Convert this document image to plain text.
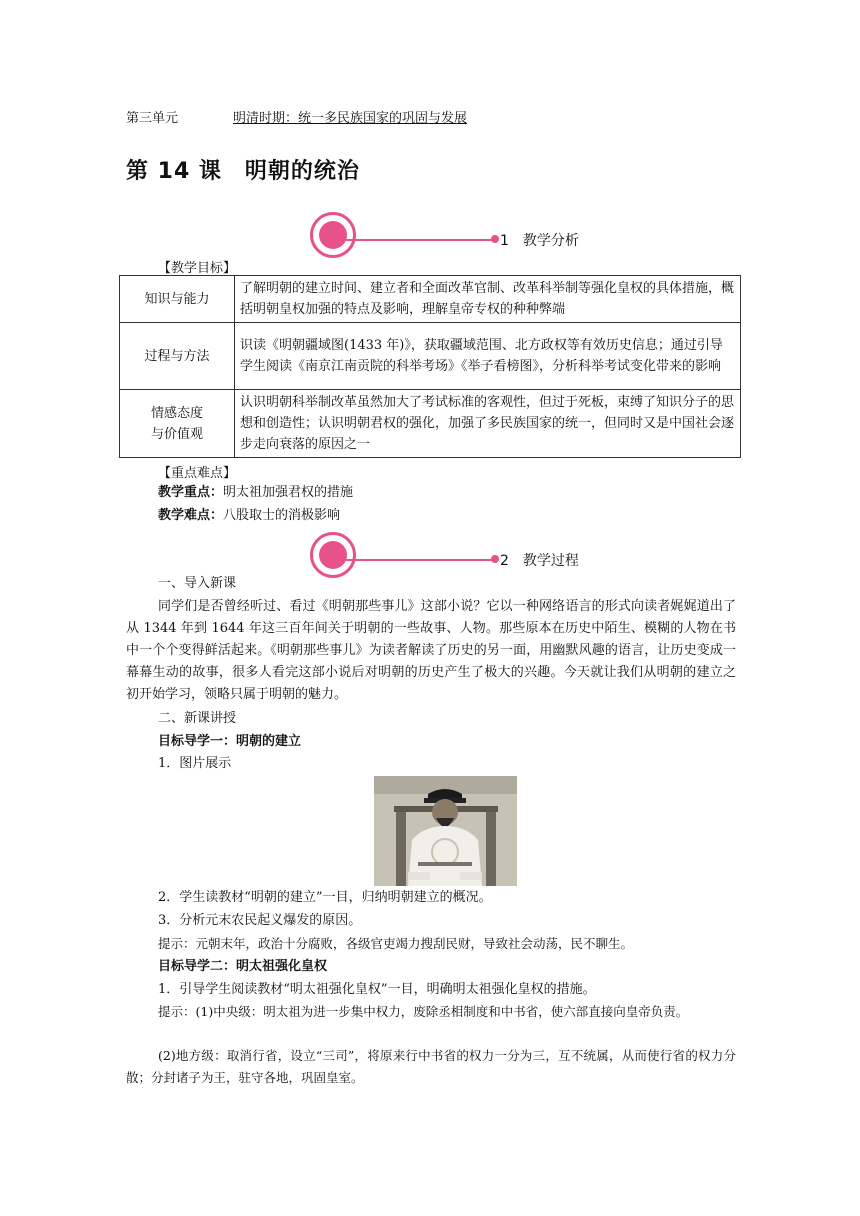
第三单元	明清时期：统一多民族国家的巩固与发展
第 14 课　明朝的统治
1　 教学分析
【教学目标】
知识与能力	了解明朝的建立时间、建立者和全面改革官制、改革科举制等强化皇权的具体措施，概括明朝皇权加强的特点及影响，理解皇帝专权的种种弊端
过程与方法	识读《明朝疆域图(1433 年)》，获取疆域范围、北方政权等有效历史信息；通过引导学生阅读《南京江南贡院的科举考场》《举子看榜图》，分析科举考试变化带来的影响

情感态度
与价值观	认识明朝科举制改革虽然加大了考试标准的客观性，但过于死板，束缚了知识分子的思想和创造性；认识明朝君权的强化，加强了多民族国家的统一，但同时又是中国社会逐步走向衰落的原因之一
【重点难点】
教学重点：明太祖加强君权的措施
教学难点：八股取士的消极影响
2　 教学过程
一、导入新课
同学们是否曾经听过、看过《明朝那些事儿》这部小说？它以一种网络语言的形式向读者娓娓道出了从 1344 年到 1644 年这三百年间关于明朝的一些故事、人物。那些原本在历史中陌生、模糊的人物在书中一个个变得鲜活起来。《明朝那些事儿》为读者解读了历史的另一面，用幽默风趣的语言，让历史变成一幕幕生动的故事，很多人看完这部小说后对明朝的历史产生了极大的兴趣。今天就让我们从明朝的建立之初开始学习，领略只属于明朝的魅力。
二、新课讲授
目标导学一：明朝的建立
1．图片展示
2．学生读教材“明朝的建立”一目，归纳明朝建立的概况。
3．分析元末农民起义爆发的原因。
提示：元朝末年，政治十分腐败，各级官吏竭力搜刮民财，导致社会动荡，民不聊生。
目标导学二：明太祖强化皇权
1．引导学生阅读教材“明太祖强化皇权”一目，明确明太祖强化皇权的措施。
提示：(1)中央级：明太祖为进一步集中权力，废除丞相制度和中书省，使六部直接向皇帝负责。
(2)地方级：取消行省，设立“三司”，将原来行中书省的权力一分为三，互不统属，从而使行省的权力分散；分封诸子为王，驻守各地，巩固皇室。
